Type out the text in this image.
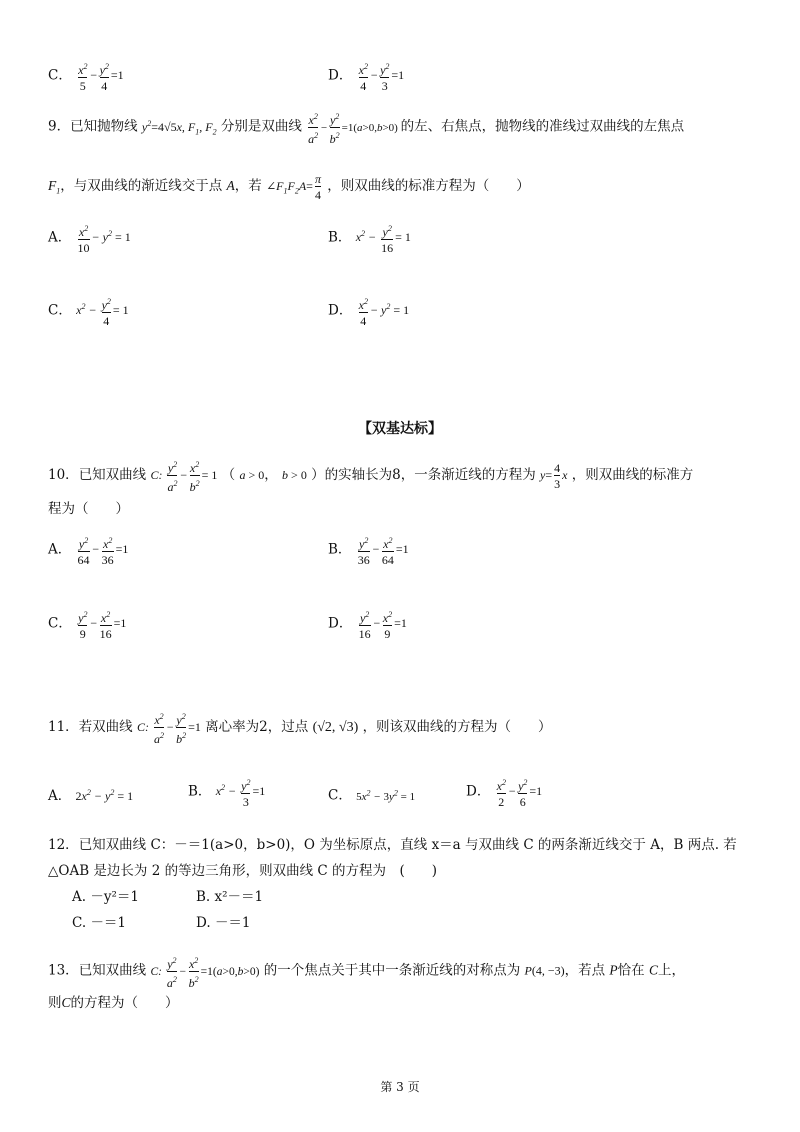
C． $\frac{x^2}{5} - \frac{y^2}{4} =1$	D． $\frac{x^2}{4} - \frac{y^2}{3} =1$
9．已知抛物线 $y^2=4√5x$, $F_1$, $F_2$ 分别是双曲线 $\frac{x^2}{a^2} - \frac{y^2}{b^2} =1(a>0,b>0)$ 的左、右焦点，抛物线的准线过双曲线的左焦点
$F_1$，与双曲线的渐近线交于点 A，若 $\angle F_1F_2A= \frac{\pi}{4}$ ，则双曲线的标准方程为（　　）
A． $\frac{x^2}{10} - y^2 = 1$	B． $x^2 - \frac{y^2}{16} = 1$
C． $x^2 - \frac{y^2}{4} = 1$	D． $\frac{x^2}{4} - y^2 = 1$
【双基达标】
10．已知双曲线 C: $\frac{y^2}{a^2} - \frac{x^2}{b^2} = 1$ （ a > 0， b > 0 ）的实轴长为8，一条渐近线的方程为 $y= \frac{4}{3}$ x ，则双曲线的标准方
程为（　　）
A． $\frac{y^2}{64} - \frac{x^2}{36} =1$	B． $\frac{y^2}{36} - \frac{x^2}{64} =1$
C． $\frac{y^2}{9} - \frac{x^2}{16} =1$	D． $\frac{y^2}{16} - \frac{x^2}{9} =1$
11．若双曲线 C: $\frac{x^2}{a^2} - \frac{y^2}{b^2} =1$ 离心率为2，过点 (√2, √3) ，则该双曲线的方程为（　　）
A． $2x^2 - y^2 = 1$	B． $x^2 - \frac{y^2}{3} =1$	C． $5x^2 - 3y^2 = 1$	D． $\frac{x^2}{2} - \frac{y^2}{6} =1$
12．已知双曲线 C：－＝1(a>0，b>0)，O 为坐标原点，直线 x＝a 与双曲线 C 的两条渐近线交于 A，B 两点. 若
△OAB 是边长为 2 的等边三角形，则双曲线 C 的方程为　(　　)
A. －y²＝1	B. x²－＝1
C. －＝1	D. －＝1
13．已知双曲线 C: $\frac{y^2}{a^2} - \frac{x^2}{b^2} =1(a>0,b>0)$ 的一个焦点关于其中一条渐近线的对称点为 P(4, −3)，若点 P恰在 C上，
则C的方程为（　　）
第 3 页
